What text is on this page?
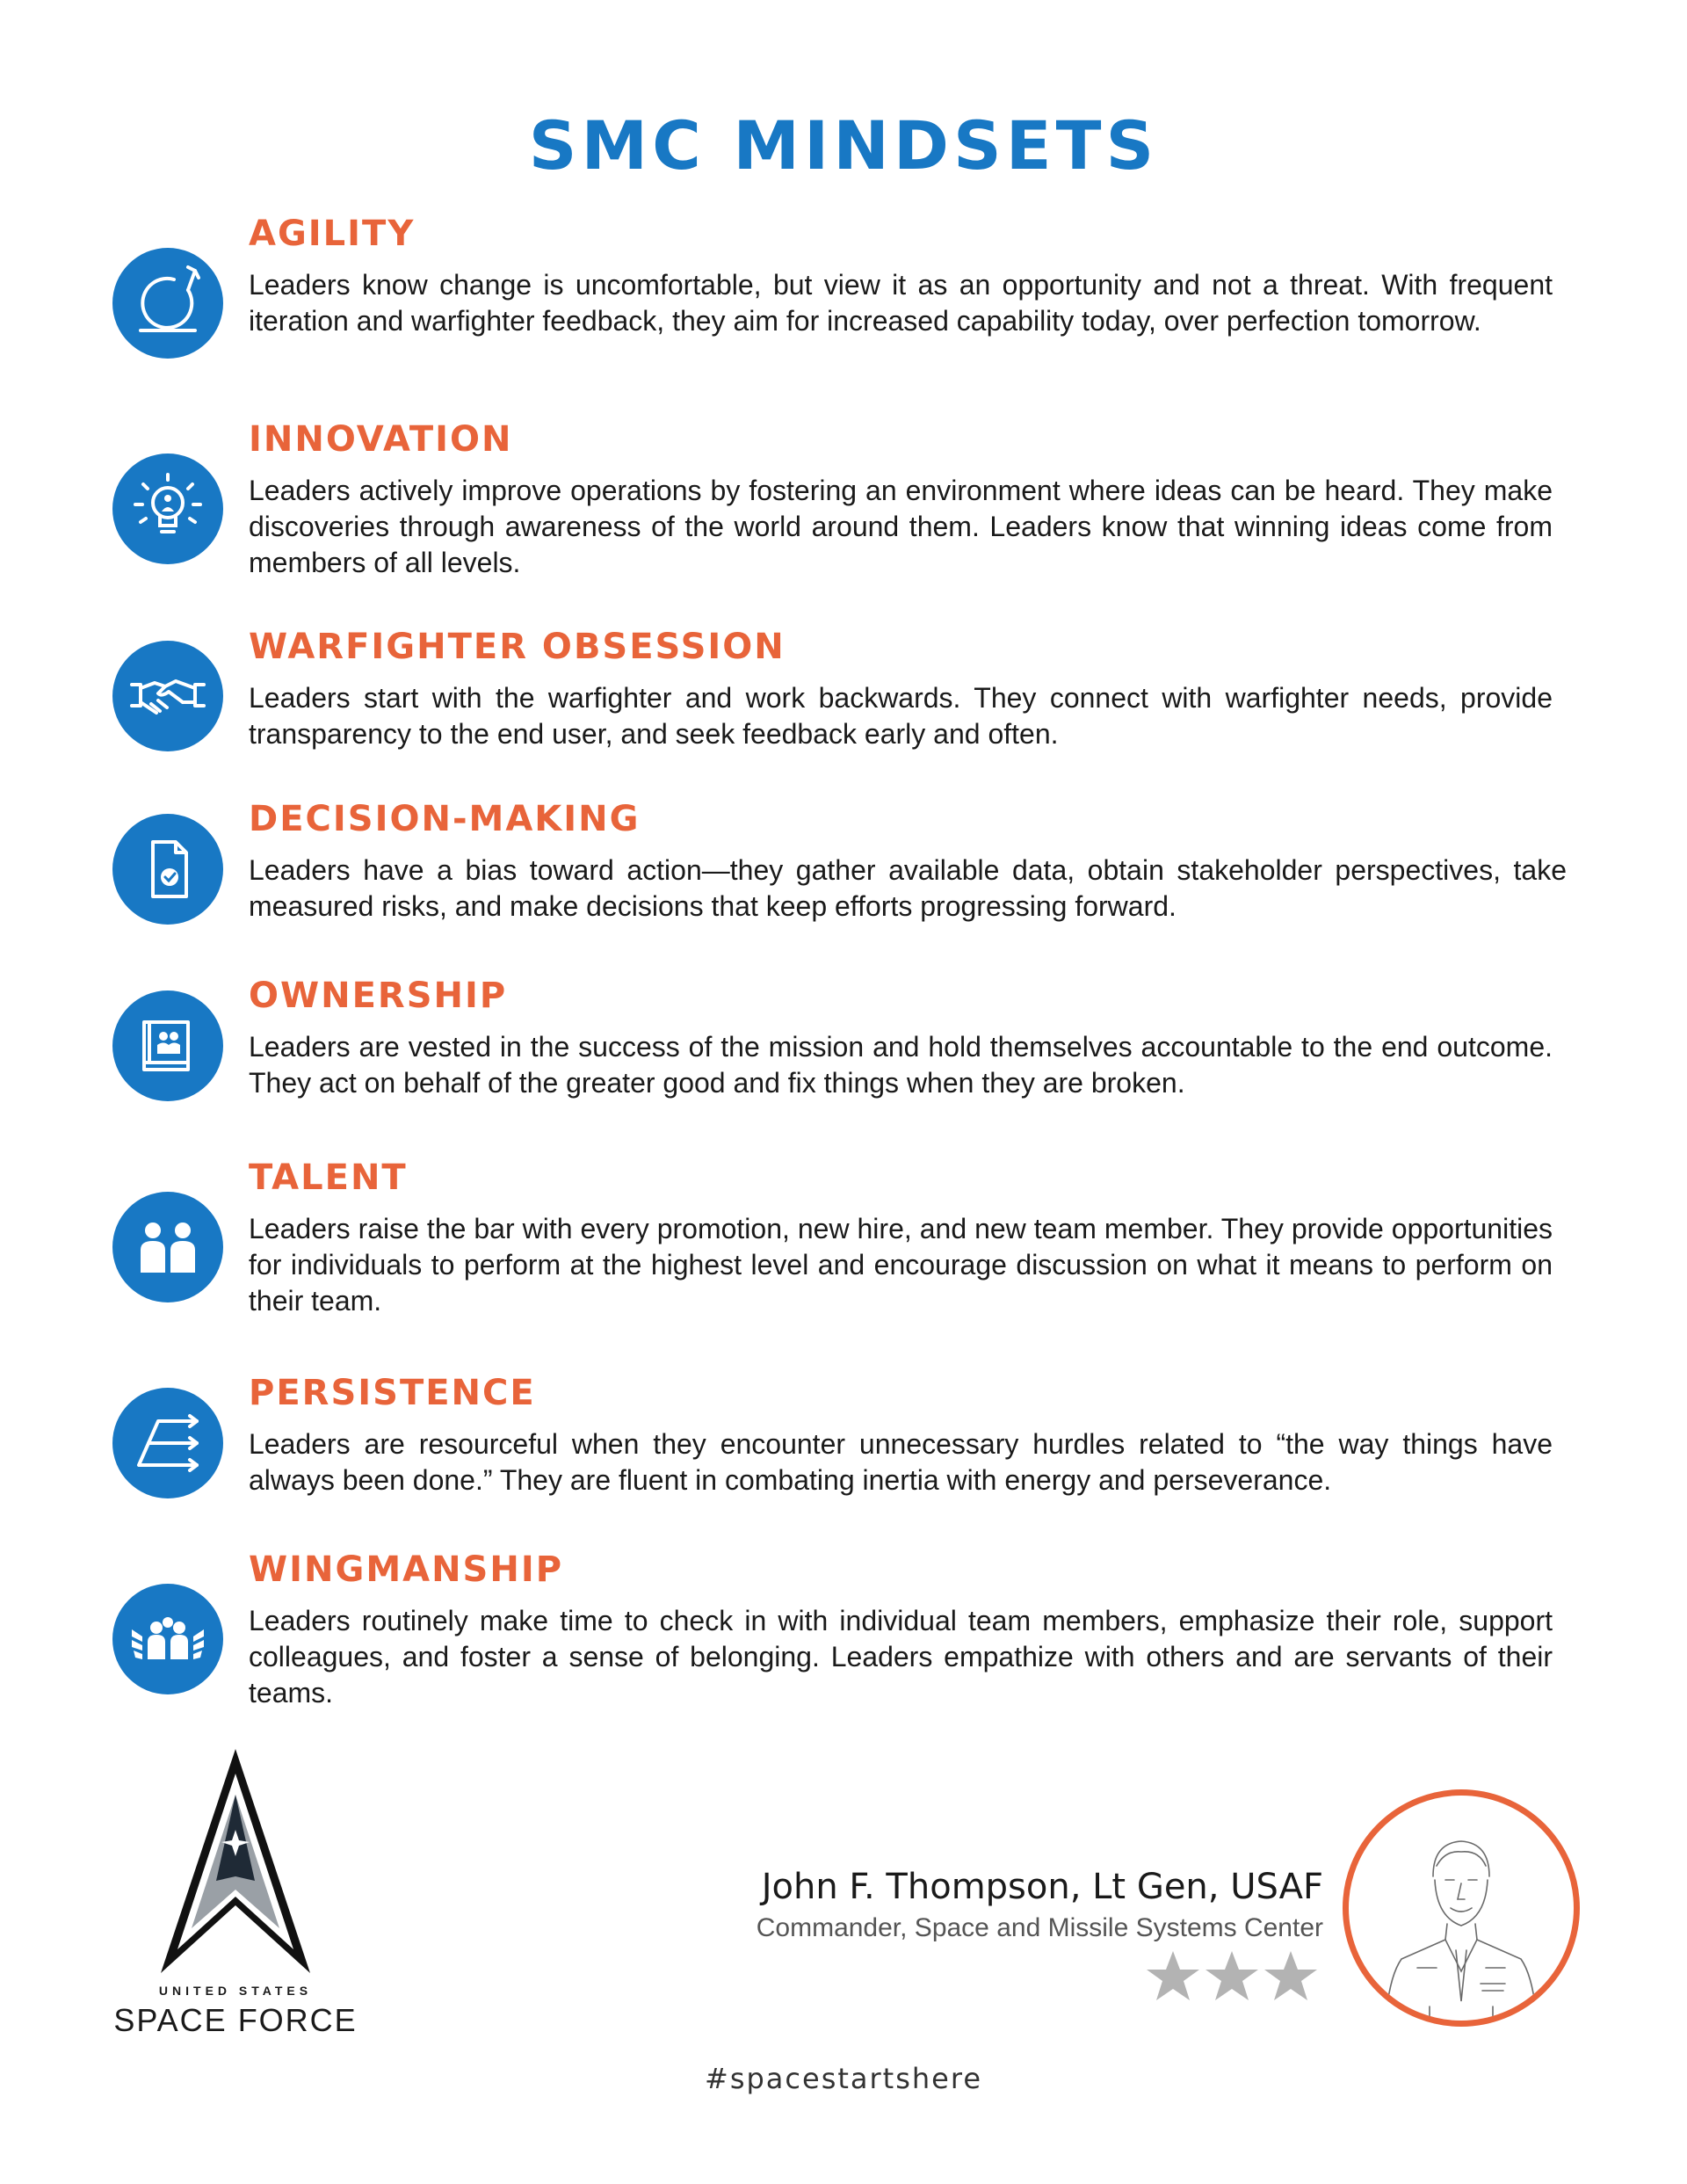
SMC MINDSETS
AGILITY
Leaders know change is uncomfortable, but view it as an opportunity and not a threat. With frequent iteration and warfighter feedback, they aim for increased capability today, over perfection tomorrow.
INNOVATION
Leaders actively improve operations by fostering an environment where ideas can be heard. They make discoveries through awareness of the world around them. Leaders know that winning ideas come from members of all levels.
WARFIGHTER OBSESSION
Leaders start with the warfighter and work backwards. They connect with warfighter needs, provide transparency to the end user, and seek feedback early and often.
DECISION-MAKING
Leaders have a bias toward action—they gather available data, obtain stakeholder perspectives, take measured risks, and make decisions that keep efforts progressing forward.
OWNERSHIP
Leaders are vested in the success of the mission and hold themselves accountable to the end outcome. They act on behalf of the greater good and fix things when they are broken.
TALENT
Leaders raise the bar with every promotion, new hire, and new team member. They provide opportunities for individuals to perform at the highest level and encourage discussion on what it means to perform on their team.
PERSISTENCE
Leaders are resourceful when they encounter unnecessary hurdles related to “the way things have always been done.” They are fluent in combating inertia with energy and perseverance.
WINGMANSHIP
Leaders routinely make time to check in with individual team members, emphasize their role, support colleagues, and foster a sense of belonging. Leaders empathize with others and are servants of their teams.
UNITED STATES
SPACE FORCE
John F. Thompson, Lt Gen, USAF
Commander, Space and Missile Systems Center
#spacestartshere
